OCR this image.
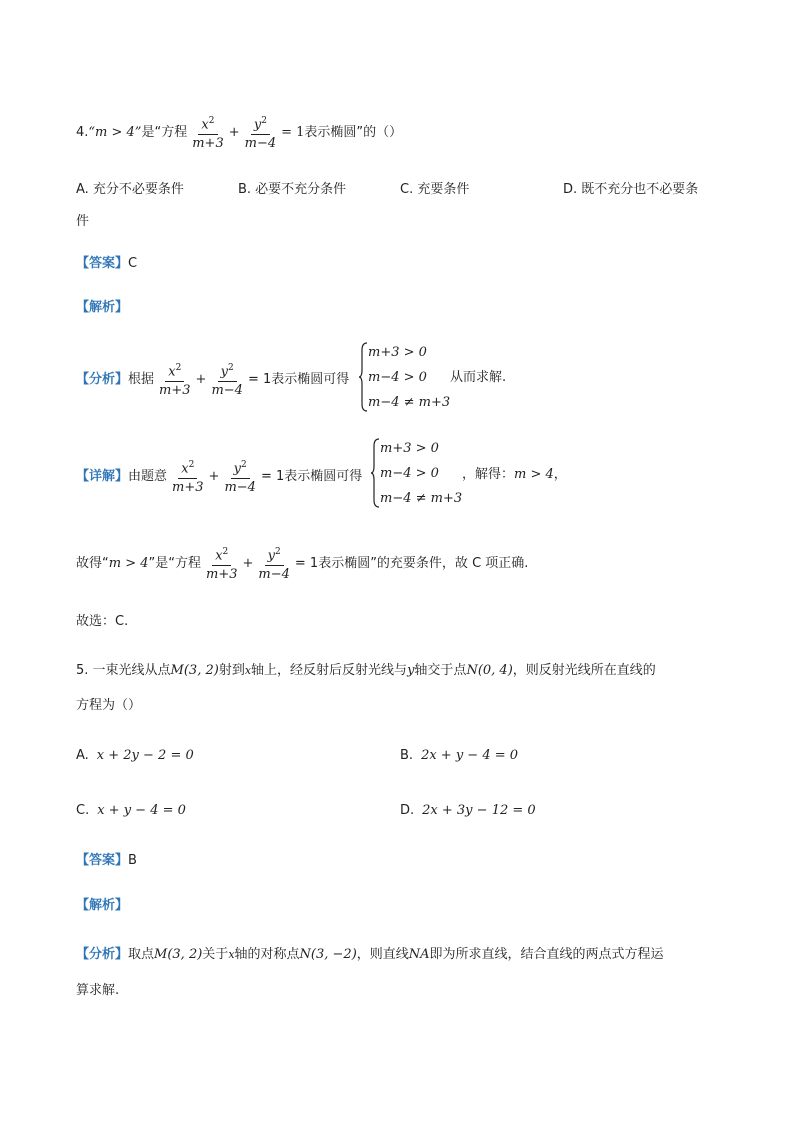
4.“m > 4”是“方程 $\frac{x^2}{m+3} + \frac{y^2}{m-4} = 1$表示椭圆”的（）
A. 充分不必要条件	B. 必要不充分条件	C. 充要条件	D. 既不充分也不必要条
件
【答案】C
【解析】
【分析】根据 $\frac{x^2}{m+3} + \frac{y^2}{m-4} = 1$表示椭圆可得
m+3 > 0
m−4 > 0
m−4 ≠ m+3
从而求解.
【详解】由题意 $\frac{x^2}{m+3} + \frac{y^2}{m-4} = 1$表示椭圆可得
m+3 > 0
m−4 > 0
m−4 ≠ m+3
，解得：m > 4，
故得“m > 4”是“方程 $\frac{x^2}{m+3} + \frac{y^2}{m-4} = 1$表示椭圆”的充要条件，故 C 项正确.
故选：C.
5. 一束光线从点M(3, 2)射到x轴上，经反射后反射光线与y轴交于点N(0, 4)，则反射光线所在直线的
方程为（）
A. x + 2y − 2 = 0	B. 2x + y − 4 = 0
C. x + y − 4 = 0	D. 2x + 3y − 12 = 0
【答案】B
【解析】
【分析】取点M(3, 2)关于x轴的对称点N(3, −2)，则直线NA即为所求直线，结合直线的两点式方程运
算求解.
